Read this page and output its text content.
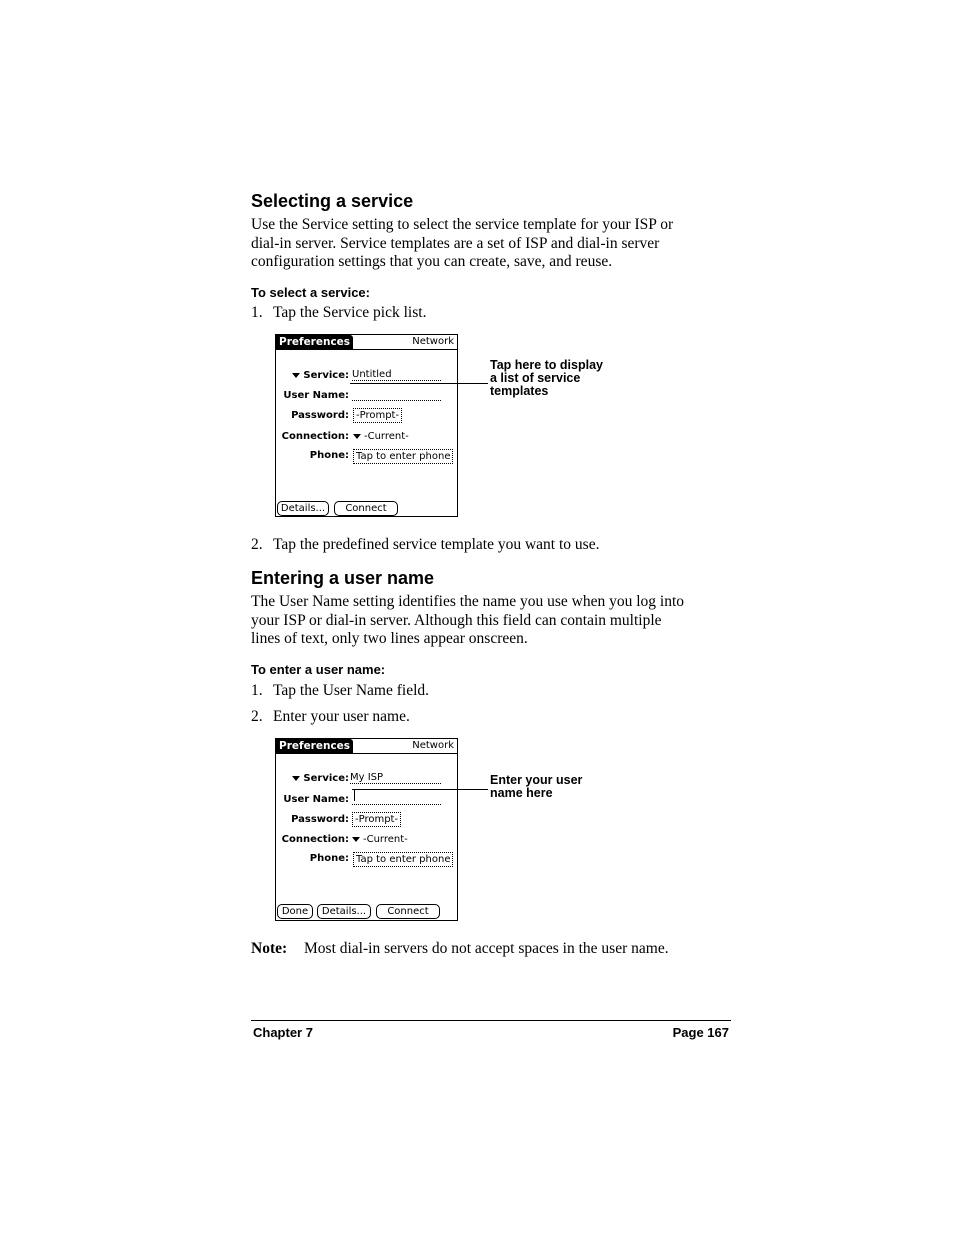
Selecting a service
Use the Service setting to select the service template for your ISP or
dial-in server. Service templates are a set of ISP and dial-in server
configuration settings that you can create, save, and reuse.
To select a service:
1. Tap the Service pick list.
Preferences	Network
Service: Untitled
User Name:
Password: -Prompt-
Connection:	-Current-
Phone: Tap to enter phone
Details...	Connect
Tap here to display
a list of service
templates
2. Tap the predefined service template you want to use.
Entering a user name
The User Name setting identifies the name you use when you log into
your ISP or dial-in server. Although this field can contain multiple
lines of text, only two lines appear onscreen.
To enter a user name:
1. Tap the User Name field.
2. Enter your user name.
Preferences	Network
Service: My ISP
User Name:
Password: -Prompt-
Connection:	-Current-
Phone: Tap to enter phone
Done	Details...	Connect
Enter your user
name here
Note: Most dial-in servers do not accept spaces in the user name.
Chapter 7	Page 167
